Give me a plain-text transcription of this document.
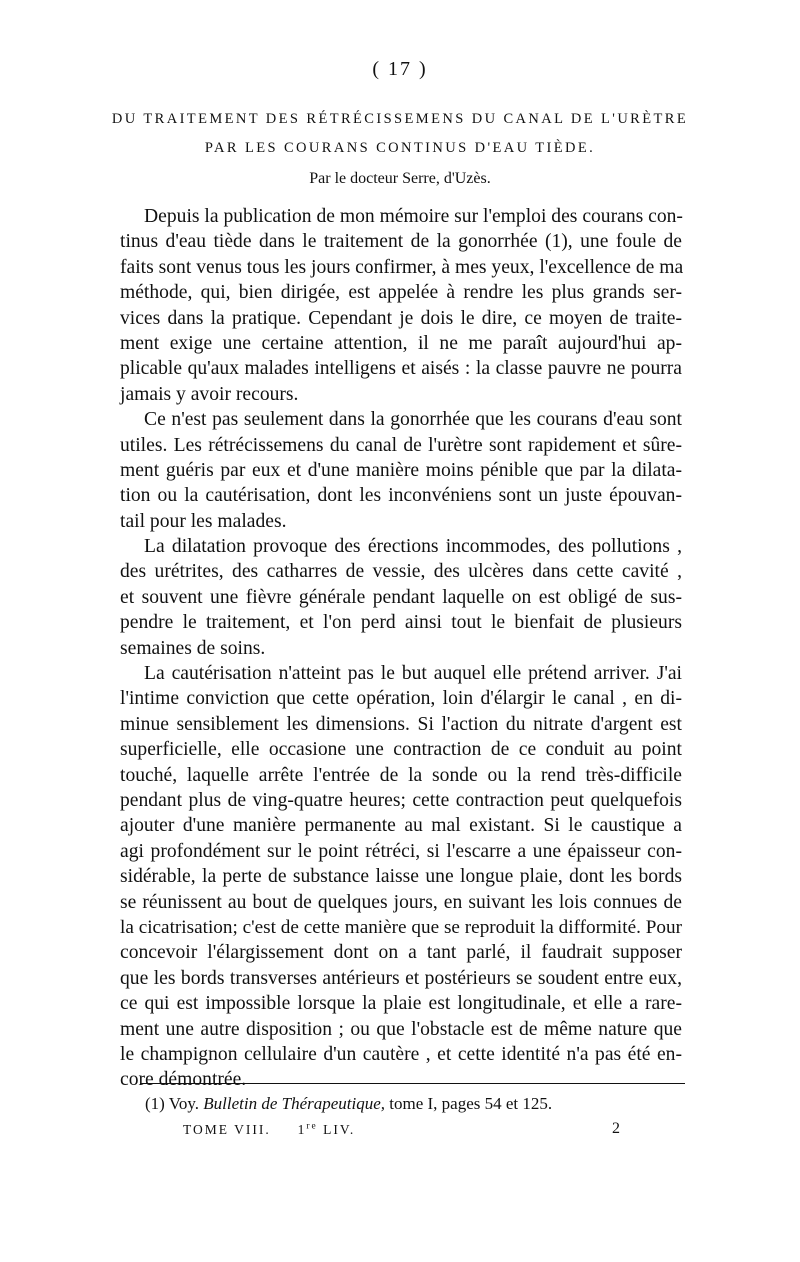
( 17 )
DU TRAITEMENT DES RÉTRÉCISSEMENS DU CANAL DE L'URÈTRE
PAR LES COURANS CONTINUS D'EAU TIÈDE.
Par le docteur Serre, d'Uzès.
Depuis la publication de mon mémoire sur l'emploi des courans con-
tinus d'eau tiède dans le traitement de la gonorrhée (1), une foule de
faits sont venus tous les jours confirmer, à mes yeux, l'excellence de ma
méthode, qui, bien dirigée, est appelée à rendre les plus grands ser-
vices dans la pratique. Cependant je dois le dire, ce moyen de traite-
ment exige une certaine attention, il ne me paraît aujourd'hui ap-
plicable qu'aux malades intelligens et aisés : la classe pauvre ne pourra
jamais y avoir recours.
Ce n'est pas seulement dans la gonorrhée que les courans d'eau sont
utiles. Les rétrécissemens du canal de l'urètre sont rapidement et sûre-
ment guéris par eux et d'une manière moins pénible que par la dilata-
tion ou la cautérisation, dont les inconvéniens sont un juste épouvan-
tail pour les malades.
La dilatation provoque des érections incommodes, des pollutions ,
des urétrites, des catharres de vessie, des ulcères dans cette cavité ,
et souvent une fièvre générale pendant laquelle on est obligé de sus-
pendre le traitement, et l'on perd ainsi tout le bienfait de plusieurs
semaines de soins.
La cautérisation n'atteint pas le but auquel elle prétend arriver. J'ai
l'intime conviction que cette opération, loin d'élargir le canal , en di-
minue sensiblement les dimensions. Si l'action du nitrate d'argent est
superficielle, elle occasione une contraction de ce conduit au point
touché, laquelle arrête l'entrée de la sonde ou la rend très-difficile
pendant plus de ving-quatre heures; cette contraction peut quelquefois
ajouter d'une manière permanente au mal existant. Si le caustique a
agi profondément sur le point rétréci, si l'escarre a une épaisseur con-
sidérable, la perte de substance laisse une longue plaie, dont les bords
se réunissent au bout de quelques jours, en suivant les lois connues de
la cicatrisation; c'est de cette manière que se reproduit la difformité. Pour
concevoir l'élargissement dont on a tant parlé, il faudrait supposer
que les bords transverses antérieurs et postérieurs se soudent entre eux,
ce qui est impossible lorsque la plaie est longitudinale, et elle a rare-
ment une autre disposition ; ou que l'obstacle est de même nature que
le champignon cellulaire d'un cautère , et cette identité n'a pas été en-
core démontrée.
(1) Voy. Bulletin de Thérapeutique, tome I, pages 54 et 125.
TOME VIII. 1re LIV.	2
